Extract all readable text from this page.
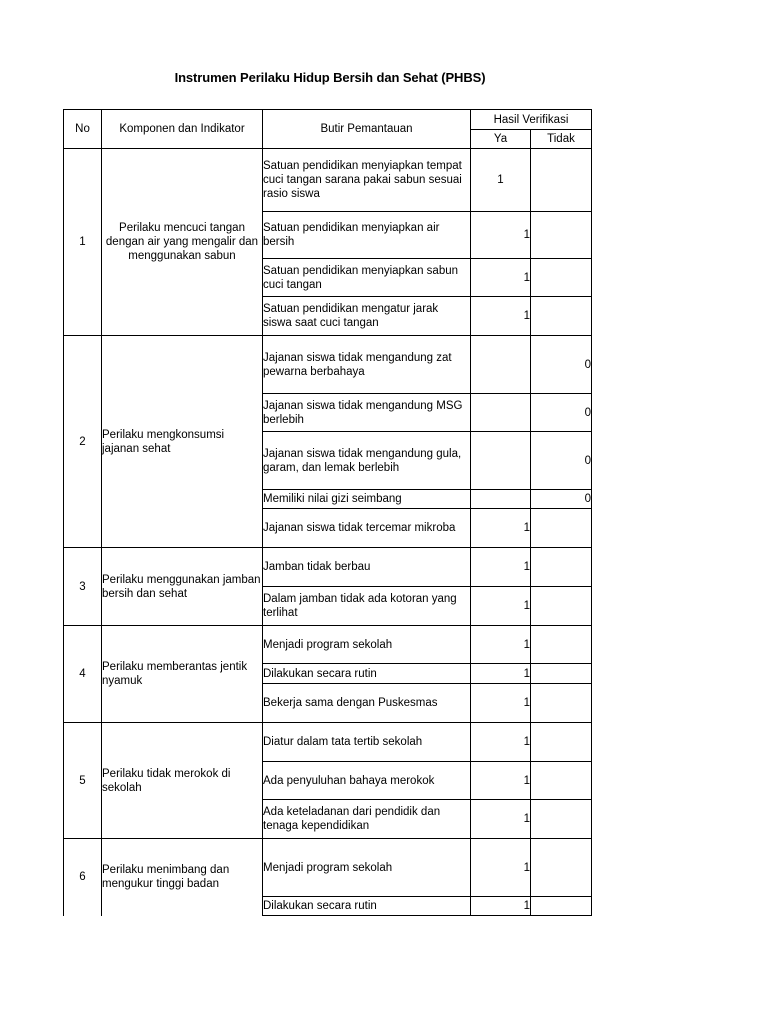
Instrumen Perilaku Hidup Bersih dan Sehat (PHBS)
No	Komponen dan Indikator	Butir Pemantauan	Hasil Verifikasi	
			Ya	Tidak
1	Perilaku mencuci tangan dengan air yang mengalir dan menggunakan sabun	Satuan pendidikan menyiapkan tempat cuci tangan sarana pakai sabun sesuai rasio siswa	1	
		Satuan pendidikan menyiapkan air bersih	1	
		Satuan pendidikan menyiapkan sabun cuci tangan	1	
		Satuan pendidikan mengatur jarak siswa saat cuci tangan	1	
2	Perilaku mengkonsumsi jajanan sehat	Jajanan siswa tidak mengandung zat pewarna berbahaya		0
		Jajanan siswa tidak mengandung MSG berlebih		0
		Jajanan siswa tidak mengandung gula, garam, dan lemak berlebih		0
		Memiliki nilai gizi seimbang		0
		Jajanan siswa tidak tercemar mikroba	1	
3	Perilaku menggunakan jamban bersih dan sehat	Jamban tidak berbau	1	
		Dalam jamban tidak ada kotoran yang terlihat	1	
4	Perilaku memberantas jentik nyamuk	Menjadi program sekolah	1	
		Dilakukan secara rutin	1	
		Bekerja sama dengan Puskesmas	1	
5	Perilaku tidak merokok di sekolah	Diatur dalam tata tertib sekolah	1	
		Ada penyuluhan bahaya merokok	1	
		Ada keteladanan dari pendidik dan tenaga kependidikan	1	
6	Perilaku menimbang dan mengukur tinggi badan	Menjadi program sekolah	1	
		Dilakukan secara rutin	1	
